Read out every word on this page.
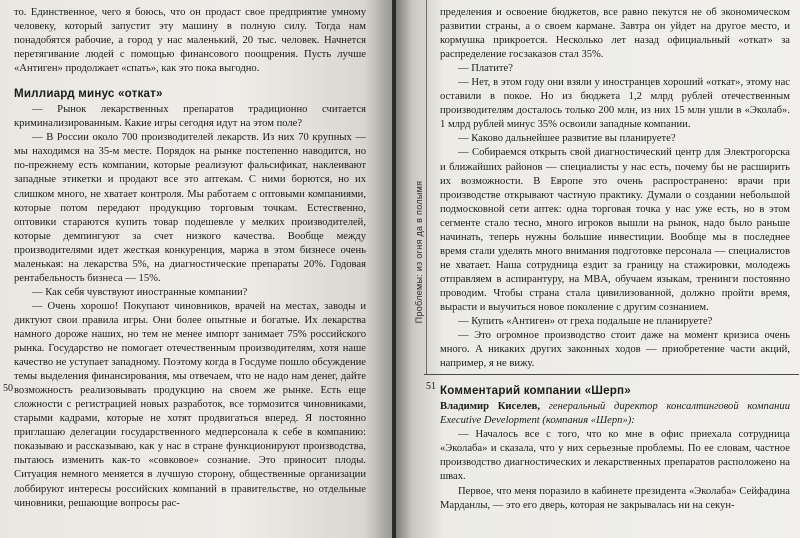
то. Единственное, чего я боюсь, что он продаст свое предприятие умному человеку, который запустит эту машину в полную силу. Тогда нам понадобятся рабочие, а город у нас маленький, 20 тыс. человек. Начнется перетягивание людей с помощью финансового поощрения. Пусть лучше «Антиген» продолжает «спать», как это пока выгодно.

Миллиард минус «откат»

— Рынок лекарственных препаратов традиционно считается криминализированным. Какие игры сегодня идут на этом поле?

— В России около 700 производителей лекарств. Из них 70 крупных — мы находимся на 35-м месте. Порядок на рынке постепенно наводится, но по-прежнему есть компании, которые реализуют фальсификат, наклеивают западные этикетки и продают все это аптекам. С ними борются, но их слишком много, не хватает контроля. Мы работаем с оптовыми компаниями, которые потом передают продукцию торговым точкам. Естественно, оптовики стараются купить товар подешевле у мелких производителей, которые демпингуют за счет низкого качества. Вообще между производителями идет жесткая конкуренция, маржа в этом бизнесе очень маленькая: на лекарства 5%, на диагностические препараты 20%. Годовая рентабельность бизнеса — 15%.

— Как себя чувствуют иностранные компании?

— Очень хорошо! Покупают чиновников, врачей на местах, заводы и диктуют свои правила игры. Они более опытные и богатые. Их лекарства намного дороже наших, но тем не менее импорт занимает 75% российского рынка. Государство не помогает отечественным производителям, хотя наше качество не уступает западному. Поэтому когда в Госдуме пошло обсуждение темы выделения финансирования, мы отвечаем, что не надо нам денег, дайте возможность реализовывать продукцию на своем же рынке. Есть еще сложности с регистрацией новых разработок, все тормозится чиновниками, старыми кадрами, которые не хотят продвигаться вперед. Я постоянно приглашаю делегации государственного медперсонала к себе в компанию: показываю и рассказываю, как у нас в стране функционируют производства, пытаюсь изменить как-то «совковое» сознание. Это приносит плоды. Ситуация немного меняется в лучшую сторону, общественные организации лоббируют интересы российских компаний в правительстве, но отдельные чиновники, решающие вопросы рас-

50
Проблемы: из огня да в полымя
51

пределения и освоение бюджетов, все равно пекутся не об экономическом развитии страны, а о своем кармане. Завтра он уйдет на другое место, и кормушка прикроется. Несколько лет назад официальный «откат» за распределение госзаказов стал 35%.

— Платите?

— Нет, в этом году они взяли у иностранцев хороший «откат», этому нас оставили в покое. Но из бюджета 1,2 млрд рублей отечественным производителям досталось только 200 млн, из них 15 млн ушли в «Эколаб». 1 млрд рублей минус 35% освоили западные компании.

— Каково дальнейшее развитие вы планируете?

— Собираемся открыть свой диагностический центр для Электрогорска и ближайших районов — специалисты у нас есть, почему бы не расширить их возможности. В Европе это очень распространено: врачи при производстве открывают частную практику. Думали о создании небольшой подмосковной сети аптек: одна торговая точка у нас уже есть, но в этом сегменте стало тесно, много игроков вышли на рынок, надо было раньше начинать, теперь нужны большие инвестиции. Вообще мы в последнее время стали уделять много внимания подготовке персонала — специалистов не хватает. Наша сотрудница ездит за границу на стажировки, молодежь отправляем в аспирантуру, на MBA, обучаем языкам, тренинги постоянно проводим. Чтобы страна стала цивилизованной, должно пройти время, вырасти и выучиться новое поколение с другим сознанием.

— Купить «Антиген» от греха подальше не планируете?

— Это огромное производство стоит даже на момент кризиса очень много. А никаких других законных ходов — приобретение части акций, например, я не вижу.

Комментарий компании «Шерп»

Владимир Киселев, генеральный директор консалтинговой компании Executive Development (компания «Шерп»):

— Началось все с того, что ко мне в офис приехала сотрудница «Эколаба» и сказала, что у них серьезные проблемы. По ее словам, частное производство диагностических и лекарственных препаратов расположено на швах.

Первое, что меня поразило в кабинете президента «Эколаба» Сейфадина Марданлы, — это его дверь, которая не закрывалась ни на секун-
